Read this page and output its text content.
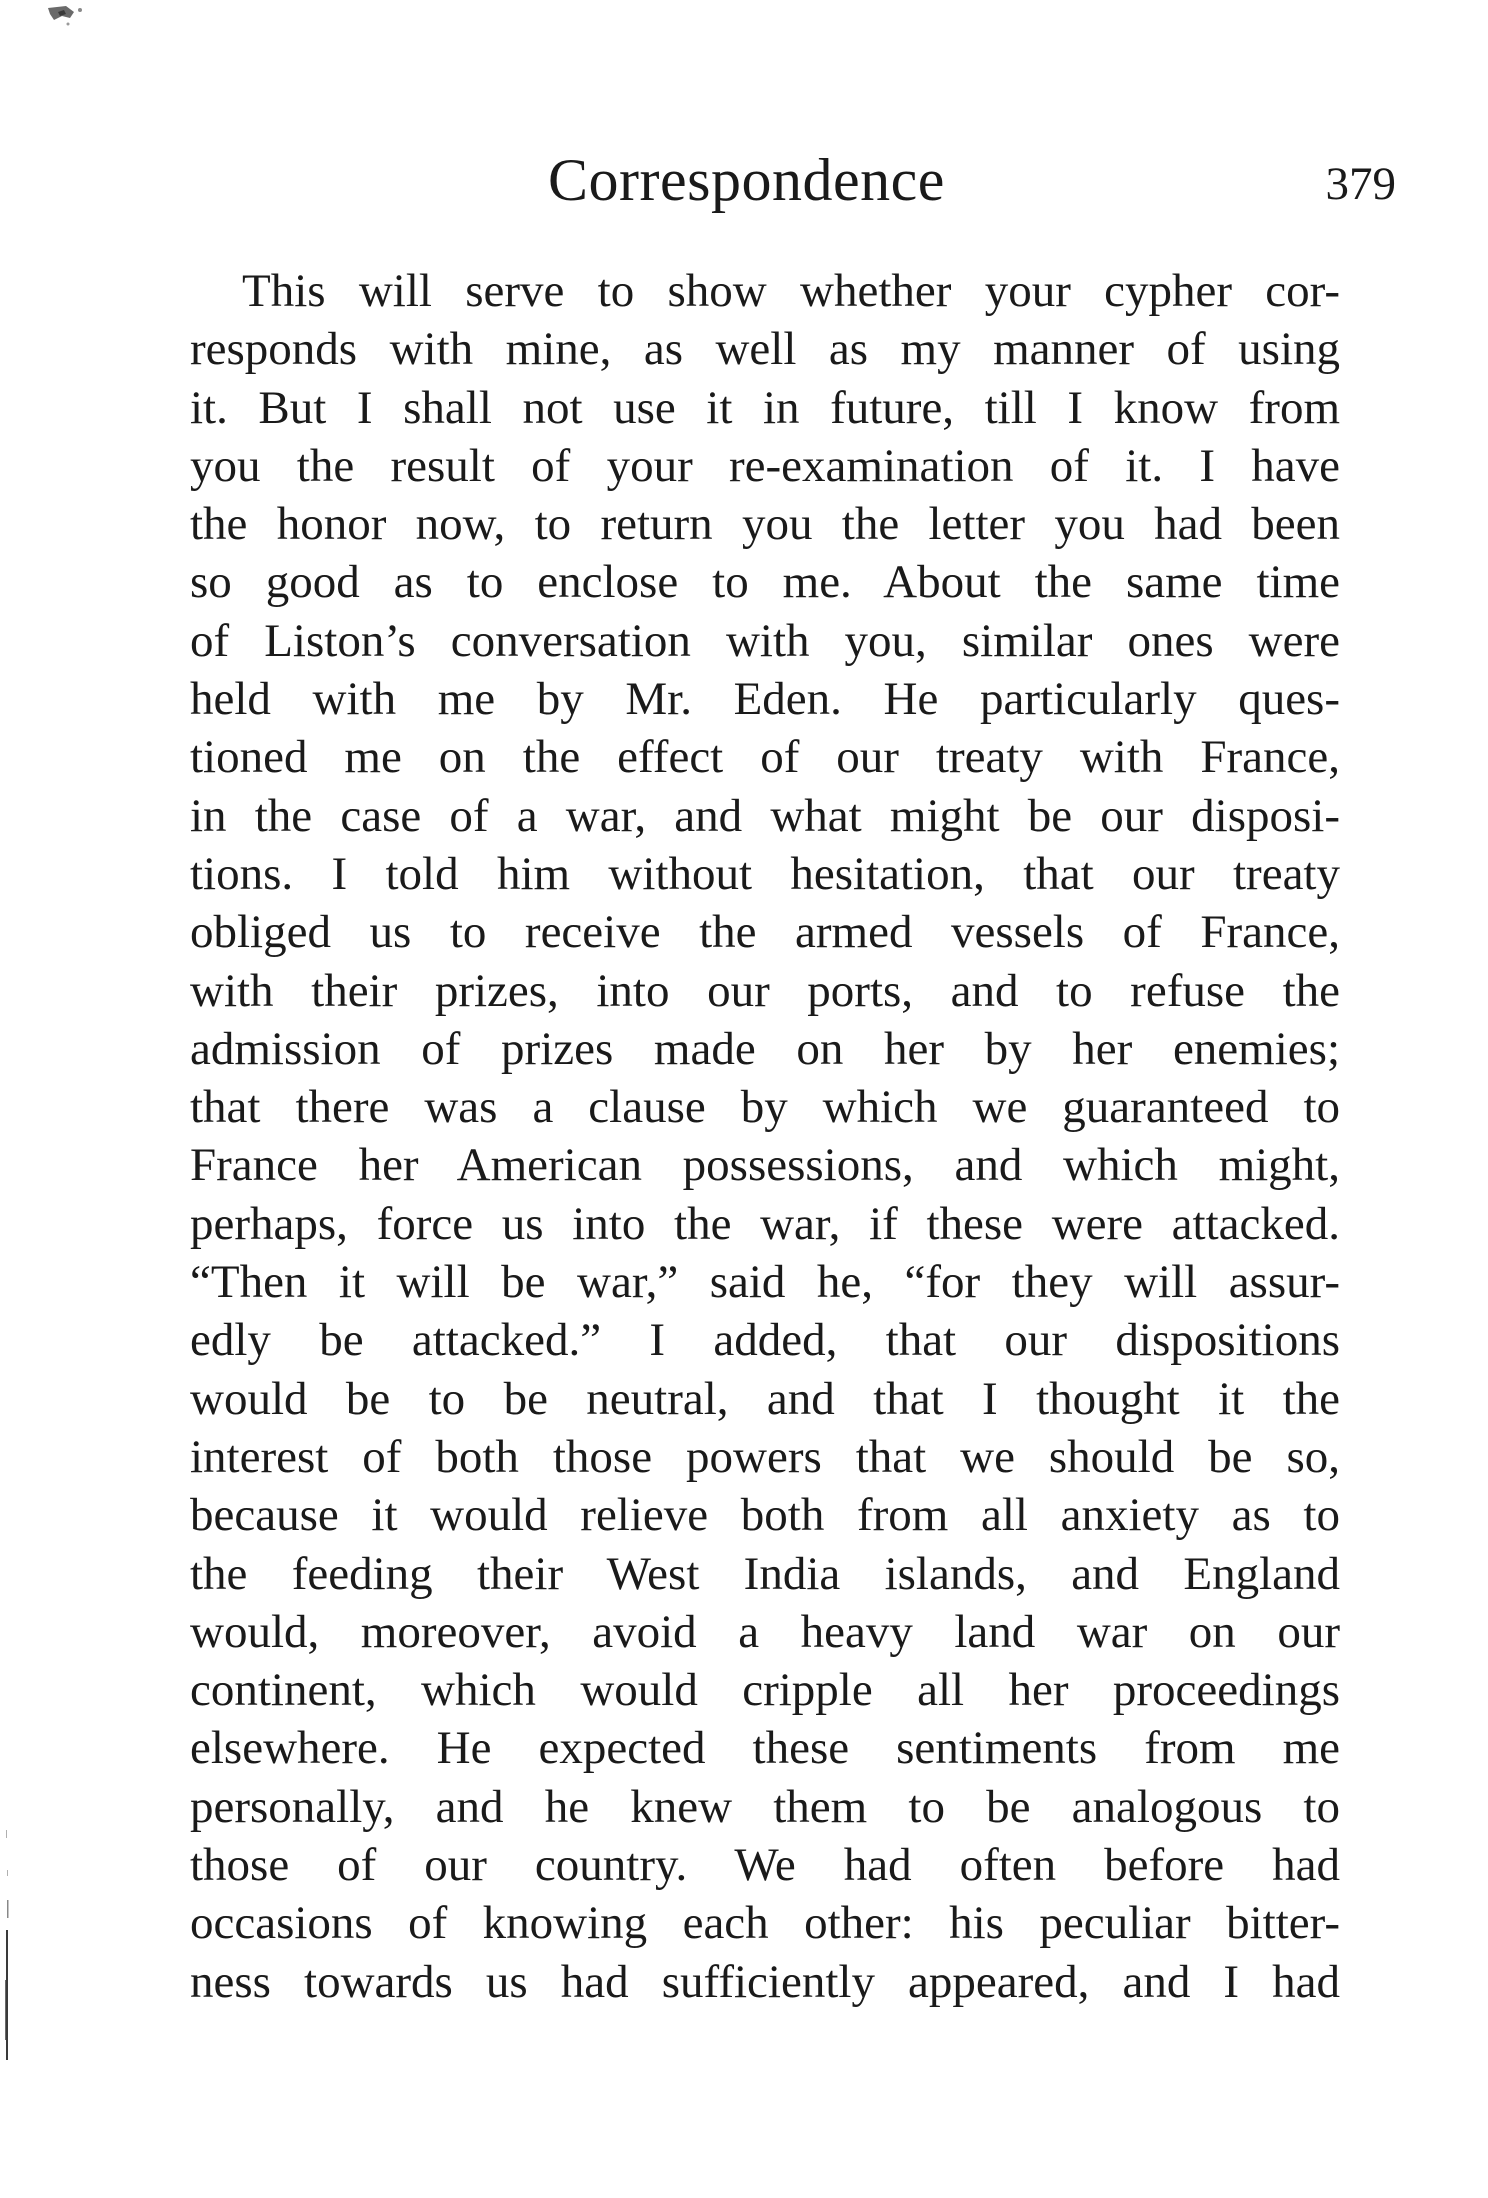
Correspondence	379
This will serve to show whether your cypher cor-
responds with mine, as well as my manner of using
it. But I shall not use it in future, till I know from
you the result of your re-examination of it. I have
the honor now, to return you the letter you had been
so good as to enclose to me. About the same time
of Liston’s conversation with you, similar ones were
held with me by Mr. Eden. He particularly ques-
tioned me on the effect of our treaty with France,
in the case of a war, and what might be our disposi-
tions. I told him without hesitation, that our treaty
obliged us to receive the armed vessels of France,
with their prizes, into our ports, and to refuse the
admission of prizes made on her by her enemies;
that there was a clause by which we guaranteed to
France her American possessions, and which might,
perhaps, force us into the war, if these were attacked.
“Then it will be war,” said he, “for they will assur-
edly be attacked.” I added, that our dispositions
would be to be neutral, and that I thought it the
interest of both those powers that we should be so,
because it would relieve both from all anxiety as to
the feeding their West India islands, and England
would, moreover, avoid a heavy land war on our
continent, which would cripple all her proceedings
elsewhere. He expected these sentiments from me
personally, and he knew them to be analogous to
those of our country. We had often before had
occasions of knowing each other: his peculiar bitter-
ness towards us had sufficiently appeared, and I had
